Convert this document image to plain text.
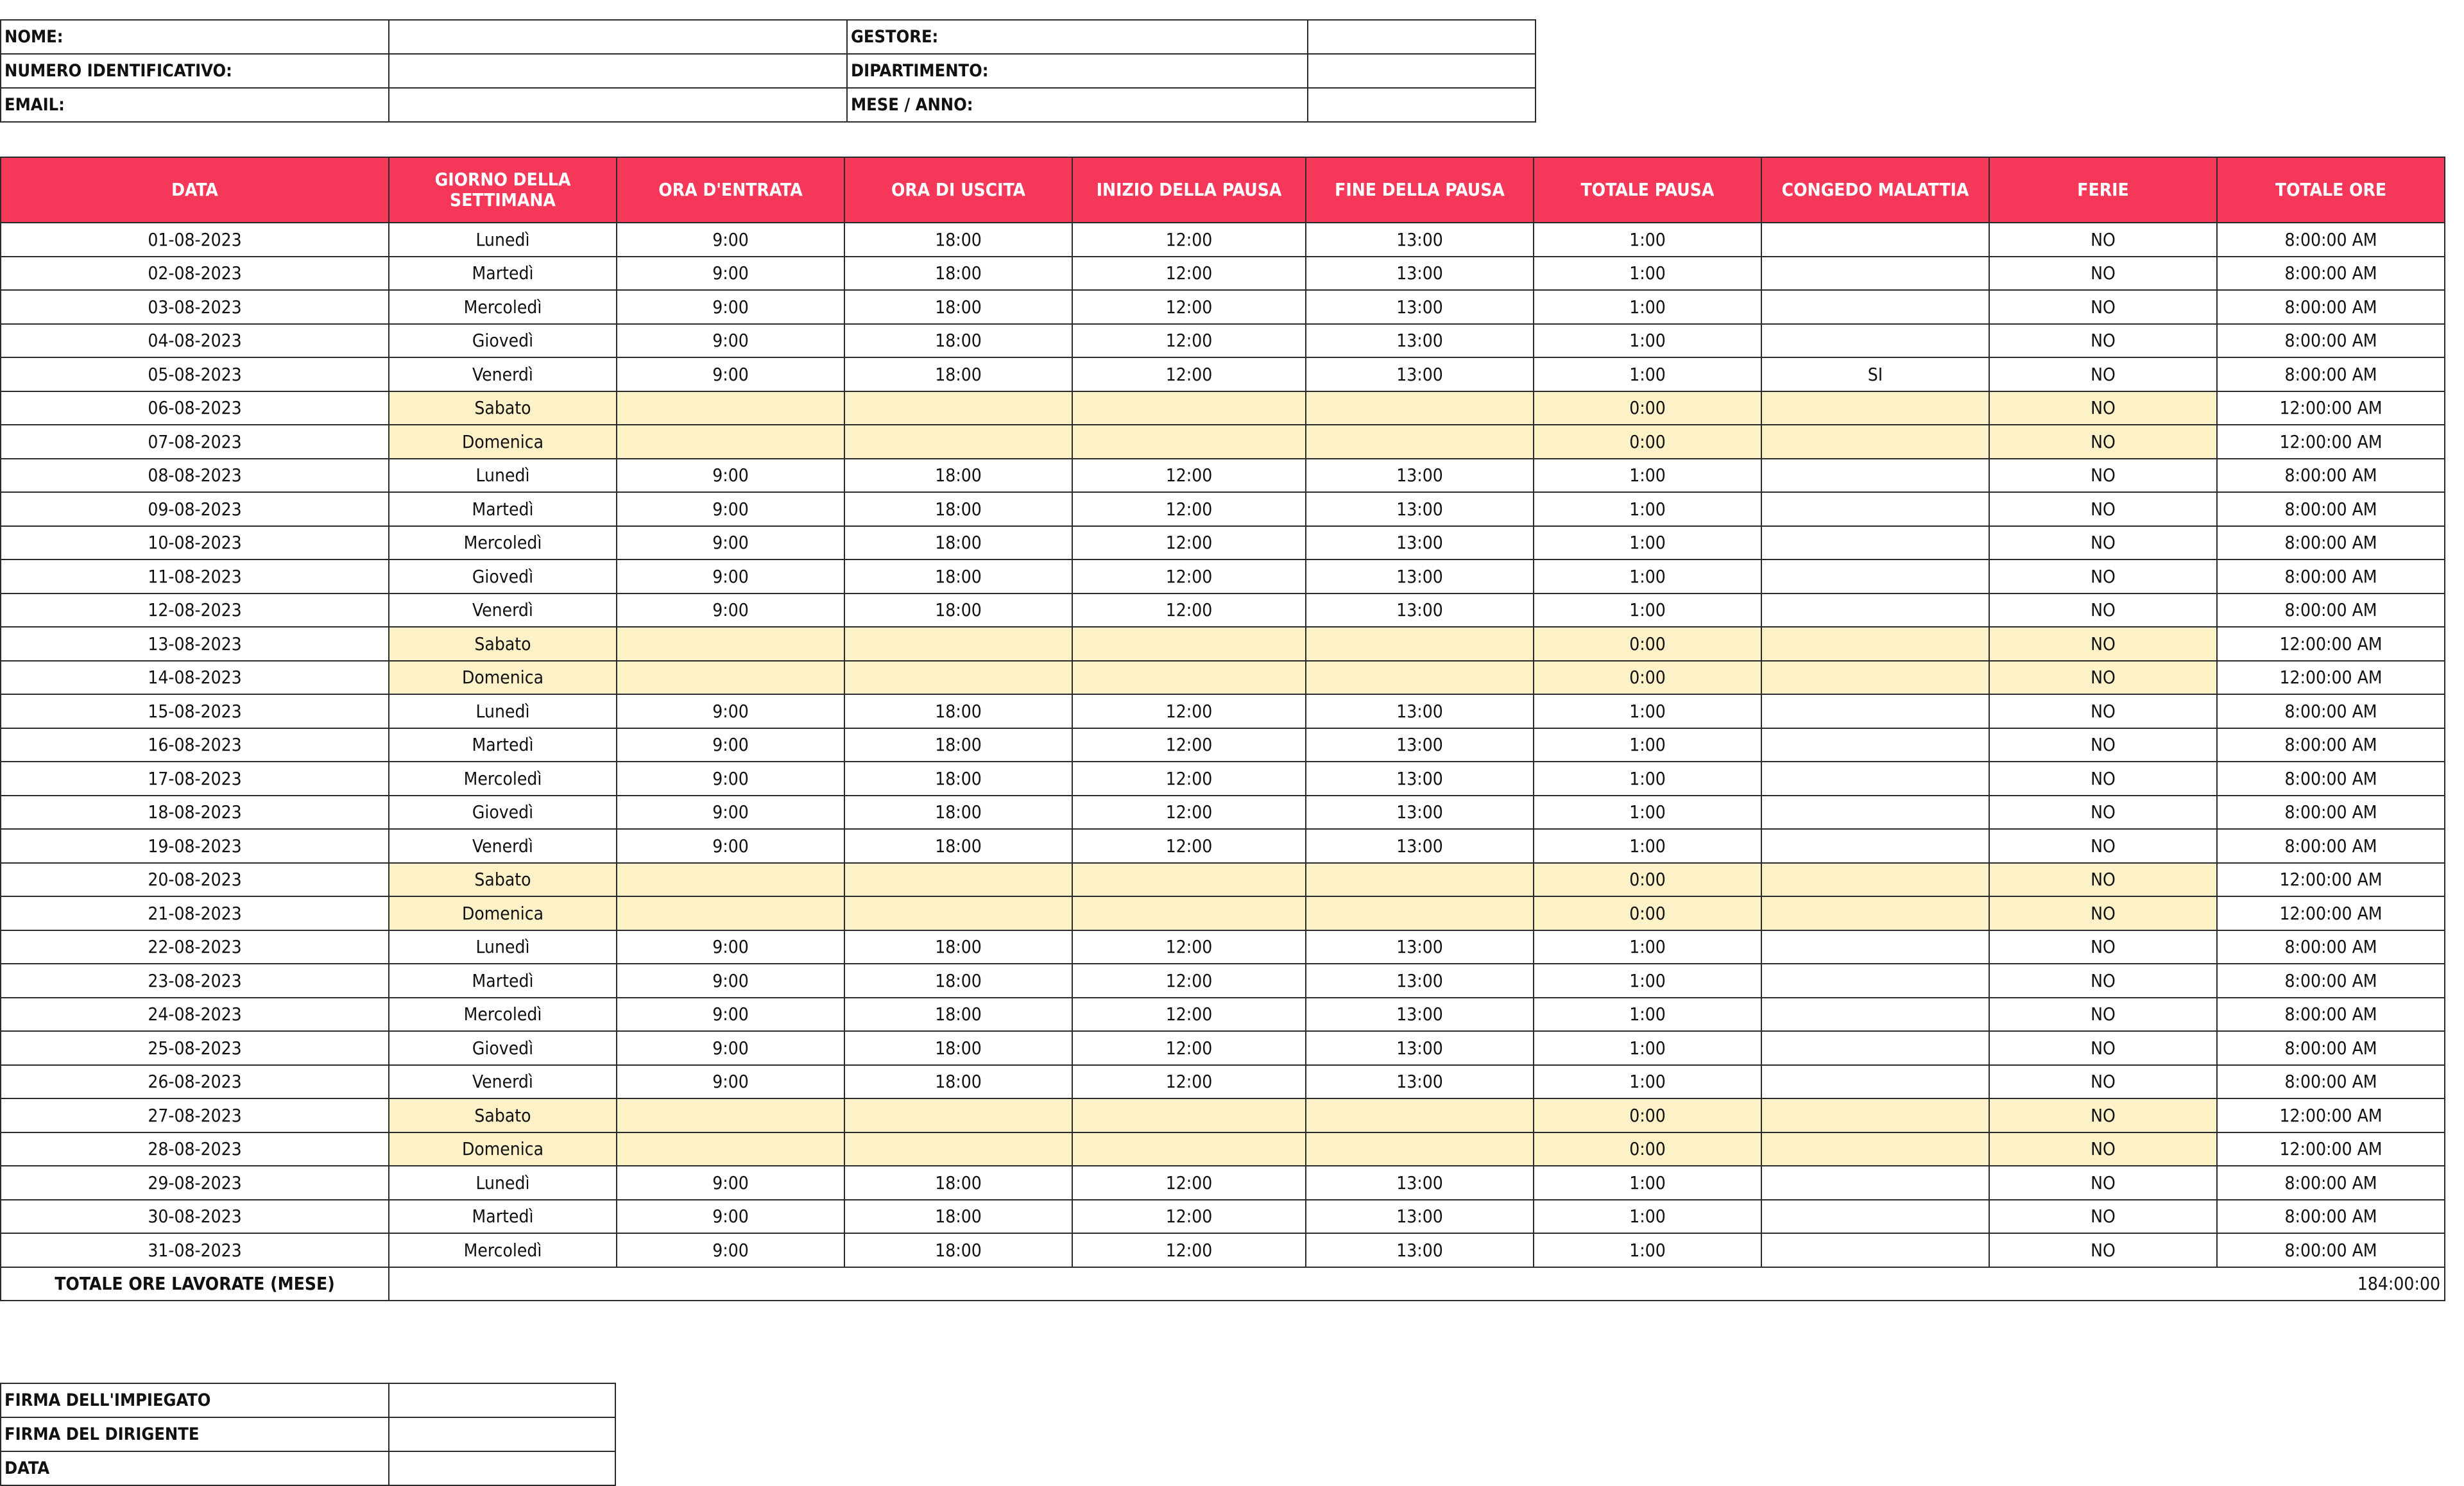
NOME:		GESTORE:	
NUMERO IDENTIFICATIVO:		DIPARTIMENTO:	
EMAIL:		MESE / ANNO:	
DATA	GIORNO DELLA SETTIMANA	ORA D'ENTRATA	ORA DI USCITA	INIZIO DELLA PAUSA	FINE DELLA PAUSA	TOTALE PAUSA	CONGEDO MALATTIA	FERIE	TOTALE ORE
01-08-2023	Lunedì	9:00	18:00	12:00	13:00	1:00		NO	8:00:00 AM
02-08-2023	Martedì	9:00	18:00	12:00	13:00	1:00		NO	8:00:00 AM
03-08-2023	Mercoledì	9:00	18:00	12:00	13:00	1:00		NO	8:00:00 AM
04-08-2023	Giovedì	9:00	18:00	12:00	13:00	1:00		NO	8:00:00 AM
05-08-2023	Venerdì	9:00	18:00	12:00	13:00	1:00	SI	NO	8:00:00 AM
06-08-2023	Sabato					0:00		NO	12:00:00 AM
07-08-2023	Domenica					0:00		NO	12:00:00 AM
08-08-2023	Lunedì	9:00	18:00	12:00	13:00	1:00		NO	8:00:00 AM
09-08-2023	Martedì	9:00	18:00	12:00	13:00	1:00		NO	8:00:00 AM
10-08-2023	Mercoledì	9:00	18:00	12:00	13:00	1:00		NO	8:00:00 AM
11-08-2023	Giovedì	9:00	18:00	12:00	13:00	1:00		NO	8:00:00 AM
12-08-2023	Venerdì	9:00	18:00	12:00	13:00	1:00		NO	8:00:00 AM
13-08-2023	Sabato					0:00		NO	12:00:00 AM
14-08-2023	Domenica					0:00		NO	12:00:00 AM
15-08-2023	Lunedì	9:00	18:00	12:00	13:00	1:00		NO	8:00:00 AM
16-08-2023	Martedì	9:00	18:00	12:00	13:00	1:00		NO	8:00:00 AM
17-08-2023	Mercoledì	9:00	18:00	12:00	13:00	1:00		NO	8:00:00 AM
18-08-2023	Giovedì	9:00	18:00	12:00	13:00	1:00		NO	8:00:00 AM
19-08-2023	Venerdì	9:00	18:00	12:00	13:00	1:00		NO	8:00:00 AM
20-08-2023	Sabato					0:00		NO	12:00:00 AM
21-08-2023	Domenica					0:00		NO	12:00:00 AM
22-08-2023	Lunedì	9:00	18:00	12:00	13:00	1:00		NO	8:00:00 AM
23-08-2023	Martedì	9:00	18:00	12:00	13:00	1:00		NO	8:00:00 AM
24-08-2023	Mercoledì	9:00	18:00	12:00	13:00	1:00		NO	8:00:00 AM
25-08-2023	Giovedì	9:00	18:00	12:00	13:00	1:00		NO	8:00:00 AM
26-08-2023	Venerdì	9:00	18:00	12:00	13:00	1:00		NO	8:00:00 AM
27-08-2023	Sabato					0:00		NO	12:00:00 AM
28-08-2023	Domenica					0:00		NO	12:00:00 AM
29-08-2023	Lunedì	9:00	18:00	12:00	13:00	1:00		NO	8:00:00 AM
30-08-2023	Martedì	9:00	18:00	12:00	13:00	1:00		NO	8:00:00 AM
31-08-2023	Mercoledì	9:00	18:00	12:00	13:00	1:00		NO	8:00:00 AM
TOTALE ORE LAVORATE (MESE)	184:00:00								
FIRMA DELL'IMPIEGATO	
FIRMA DEL DIRIGENTE	
DATA	
